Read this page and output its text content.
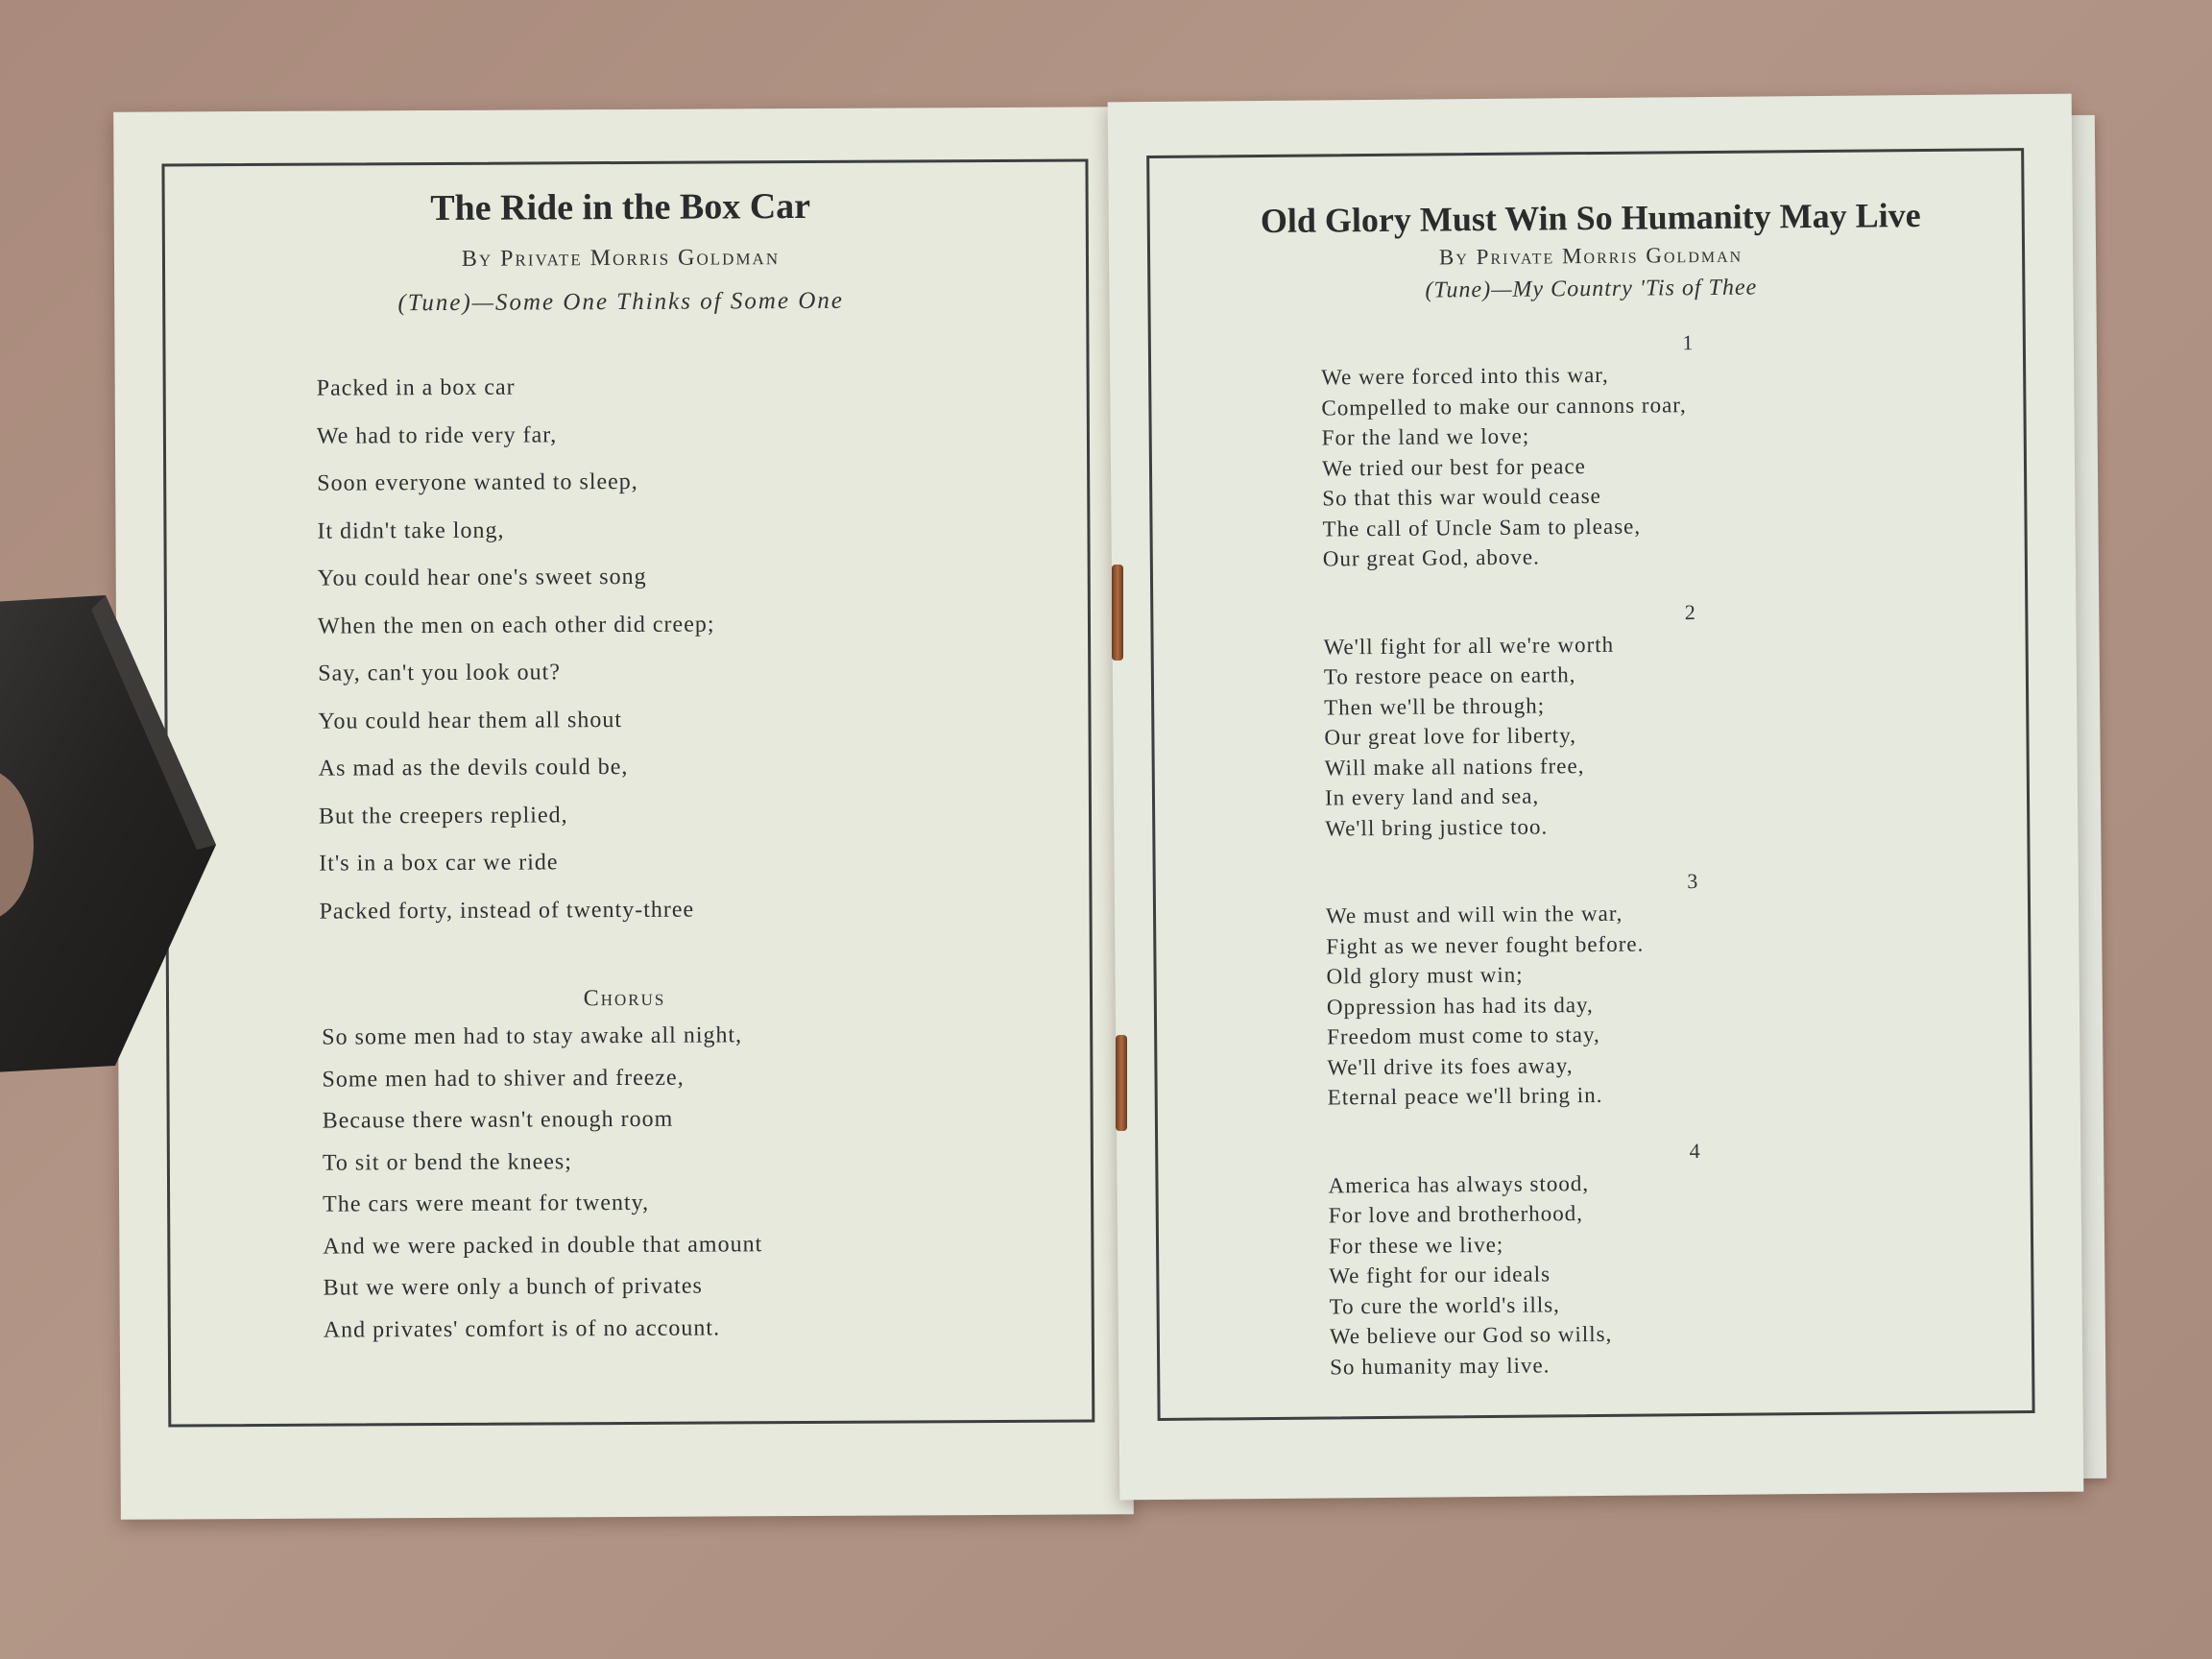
The Ride in the Box Car
By Private Morris Goldman
(Tune)—Some One Thinks of Some One
Packed in a box car
We had to ride very far,
Soon everyone wanted to sleep,
It didn't take long,
You could hear one's sweet song
When the men on each other did creep;
Say, can't you look out?
You could hear them all shout
As mad as the devils could be,
But the creepers replied,
It's in a box car we ride
Packed forty, instead of twenty-three
Chorus
So some men had to stay awake all night,
Some men had to shiver and freeze,
Because there wasn't enough room
To sit or bend the knees;
The cars were meant for twenty,
And we were packed in double that amount
But we were only a bunch of privates
And privates' comfort is of no account.
Old Glory Must Win So Humanity May Live
By Private Morris Goldman
(Tune)—My Country 'Tis of Thee
1
We were forced into this war,
Compelled to make our cannons roar,
For the land we love;
We tried our best for peace
So that this war would cease
The call of Uncle Sam to please,
Our great God, above.
2
We'll fight for all we're worth
To restore peace on earth,
Then we'll be through;
Our great love for liberty,
Will make all nations free,
In every land and sea,
We'll bring justice too.
3
We must and will win the war,
Fight as we never fought before.
Old glory must win;
Oppression has had its day,
Freedom must come to stay,
We'll drive its foes away,
Eternal peace we'll bring in.
4
America has always stood,
For love and brotherhood,
For these we live;
We fight for our ideals
To cure the world's ills,
We believe our God so wills,
So humanity may live.
